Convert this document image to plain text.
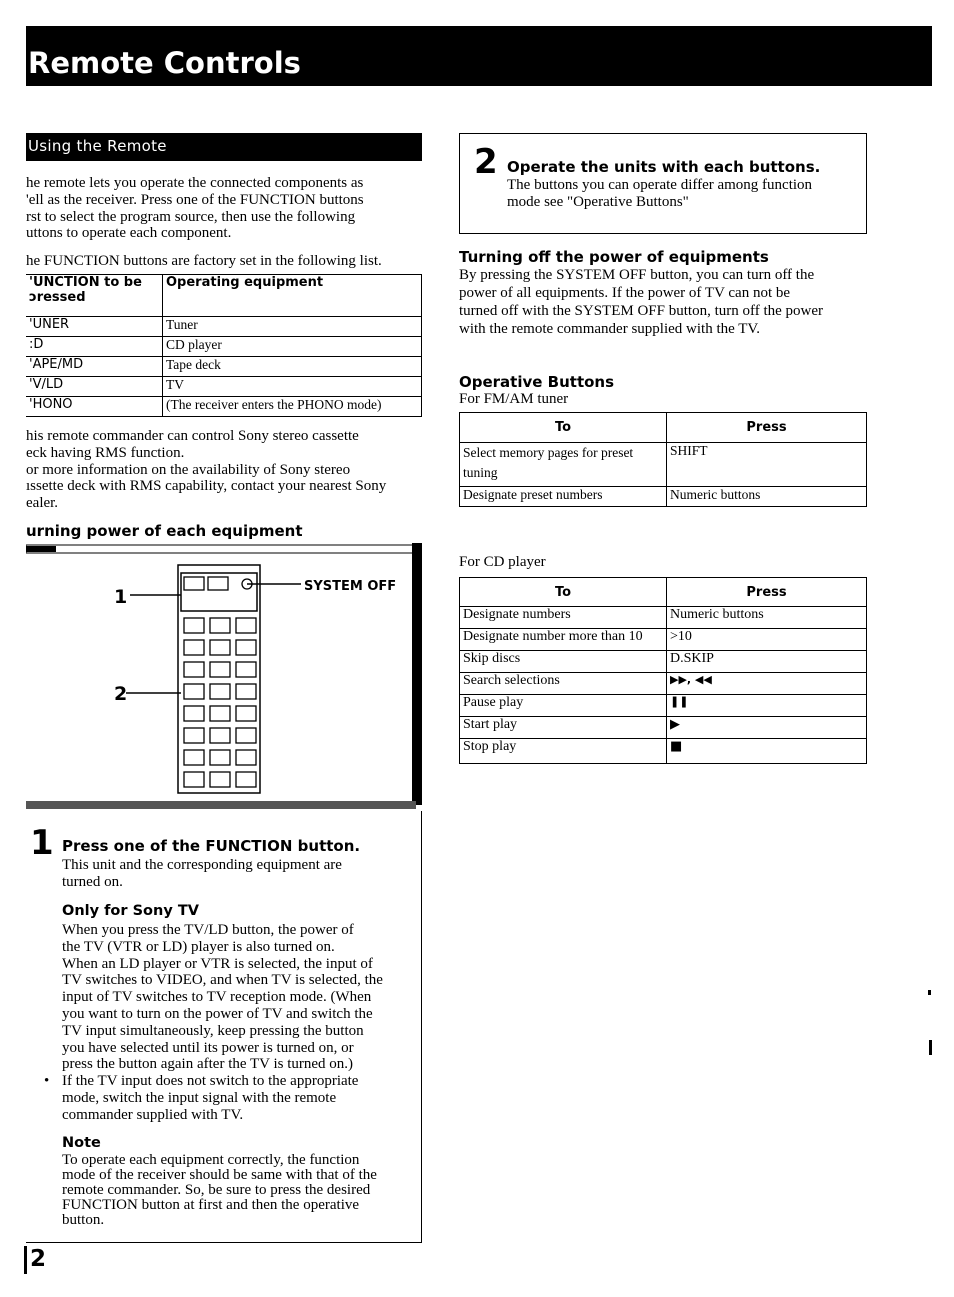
Remote Controls
Using the Remote
he remote lets you operate the connected components as
'ell as the receiver. Press one of the FUNCTION buttons
rst to select the program source, then use the following
uttons to operate each component.
he FUNCTION buttons are factory set in the following list.
'UNCTION to be
ɔressed	Operating equipment
'UNER	Tuner
:D	CD player
'APE/MD	Tape deck
'V/LD	TV
'HONO	(The receiver enters the PHONO mode)
his remote commander can control Sony stereo cassette
eck having RMS function.
or more information on the availability of Sony stereo
ıssette deck with RMS capability, contact your nearest Sony
ealer.
urning power of each equipment
1
2
SYSTEM OFF
1 Press one of the FUNCTION button.
This unit and the corresponding equipment are
turned on.
Only for Sony TV
When you press the TV/LD button, the power of
the TV (VTR or LD) player is also turned on.
When an LD player or VTR is selected, the input of
TV switches to VIDEO, and when TV is selected, the
input of TV switches to TV reception mode. (When
you want to turn on the power of TV and switch the
TV input simultaneously, keep pressing the button
you have selected until its power is turned on, or
press the button again after the TV is turned on.)
• If the TV input does not switch to the appropriate
mode, switch the input signal with the remote
commander supplied with TV.
Note
To operate each equipment correctly, the function
mode of the receiver should be same with that of the
remote commander. So, be sure to press the desired
FUNCTION button at first and then the operative
button.
2
2 Operate the units with each buttons.
The buttons you can operate differ among function
mode see "Operative Buttons"
Turning off the power of equipments
By pressing the SYSTEM OFF button, you can turn off the
power of all equipments. If the power of TV can not be
turned off with the SYSTEM OFF button, turn off the power
with the remote commander supplied with the TV.
Operative Buttons
For FM/AM tuner
To	Press
Select memory pages for preset tuning	SHIFT
Designate preset numbers	Numeric buttons
For CD player
To	Press
Designate numbers	Numeric buttons
Designate number more than 10	>10
Skip discs	D.SKIP
Search selections	▶▶, ◀◀
Pause play	❚❚
Start play	▶
Stop play	■
